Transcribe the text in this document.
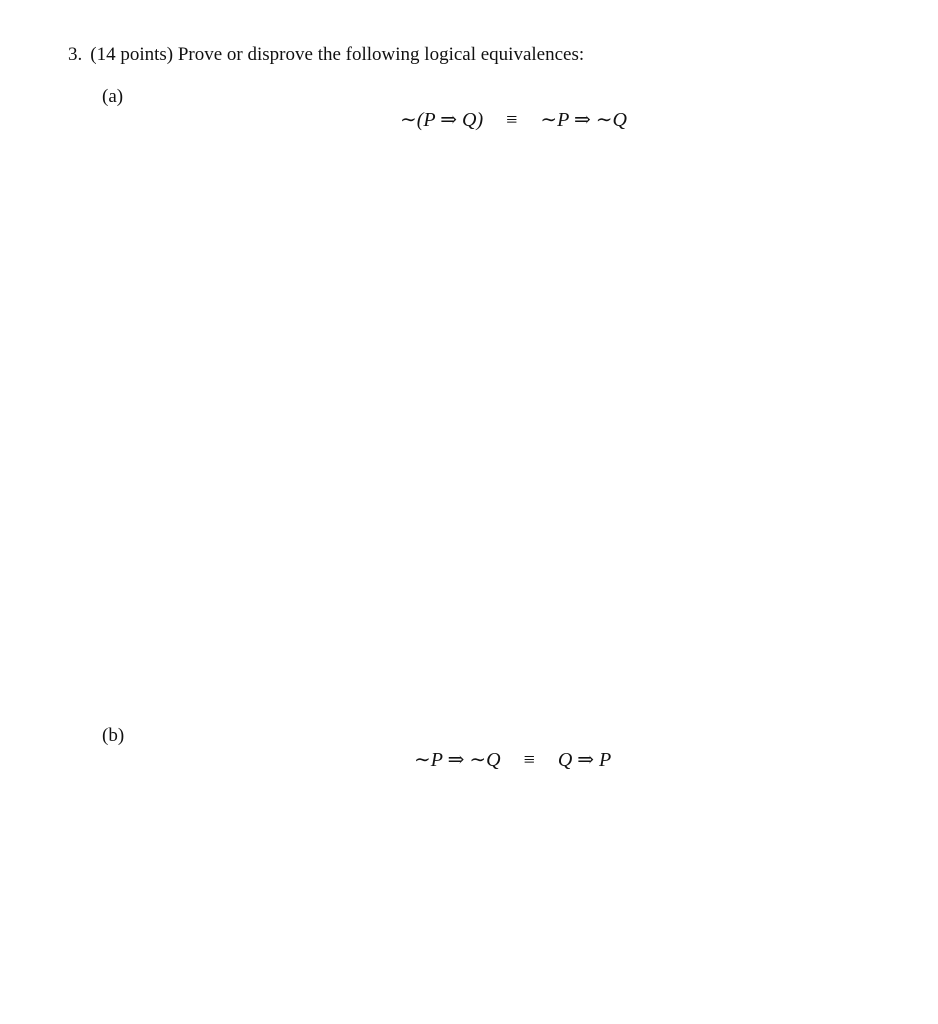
3. (14 points) Prove or disprove the following logical equivalences:
(a)
∼(P ⇒ Q) ≡ ∼P ⇒ ∼Q
(b)
∼P ⇒ ∼Q ≡ Q ⇒ P
